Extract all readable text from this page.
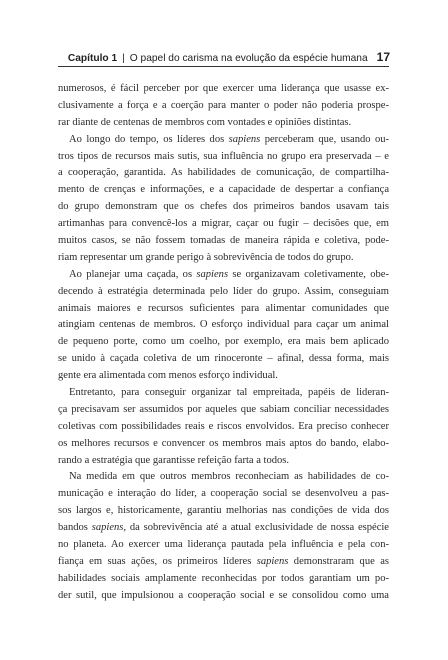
Capítulo 1 | O papel do carisma na evolução da espécie humana 17
numerosos, é fácil perceber por que exercer uma liderança que usasse ex-
clusivamente a força e a coerção para manter o poder não poderia prospe-
rar diante de centenas de membros com vontades e opiniões distintas.
Ao longo do tempo, os líderes dos sapiens perceberam que, usando ou-
tros tipos de recursos mais sutis, sua influência no grupo era preservada – e
a cooperação, garantida. As habilidades de comunicação, de compartilha-
mento de crenças e informações, e a capacidade de despertar a confiança
do grupo demonstram que os chefes dos primeiros bandos usavam tais
artimanhas para convencê-los a migrar, caçar ou fugir – decisões que, em
muitos casos, se não fossem tomadas de maneira rápida e coletiva, pode-
riam representar um grande perigo à sobrevivência de todos do grupo.
Ao planejar uma caçada, os sapiens se organizavam coletivamente, obe-
decendo à estratégia determinada pelo líder do grupo. Assim, conseguiam
animais maiores e recursos suficientes para alimentar comunidades que
atingiam centenas de membros. O esforço individual para caçar um animal
de pequeno porte, como um coelho, por exemplo, era mais bem aplicado
se unido à caçada coletiva de um rinoceronte – afinal, dessa forma, mais
gente era alimentada com menos esforço individual.
Entretanto, para conseguir organizar tal empreitada, papéis de lideran-
ça precisavam ser assumidos por aqueles que sabiam conciliar necessidades
coletivas com possibilidades reais e riscos envolvidos. Era preciso conhecer
os melhores recursos e convencer os membros mais aptos do bando, elabo-
rando a estratégia que garantisse refeição farta a todos.
Na medida em que outros membros reconheciam as habilidades de co-
municação e interação do líder, a cooperação social se desenvolveu a pas-
sos largos e, historicamente, garantiu melhorias nas condições de vida dos
bandos sapiens, da sobrevivência até a atual exclusividade de nossa espécie
no planeta. Ao exercer uma liderança pautada pela influência e pela con-
fiança em suas ações, os primeiros líderes sapiens demonstraram que as
habilidades sociais amplamente reconhecidas por todos garantiam um po-
der sutil, que impulsionou a cooperação social e se consolidou como uma
